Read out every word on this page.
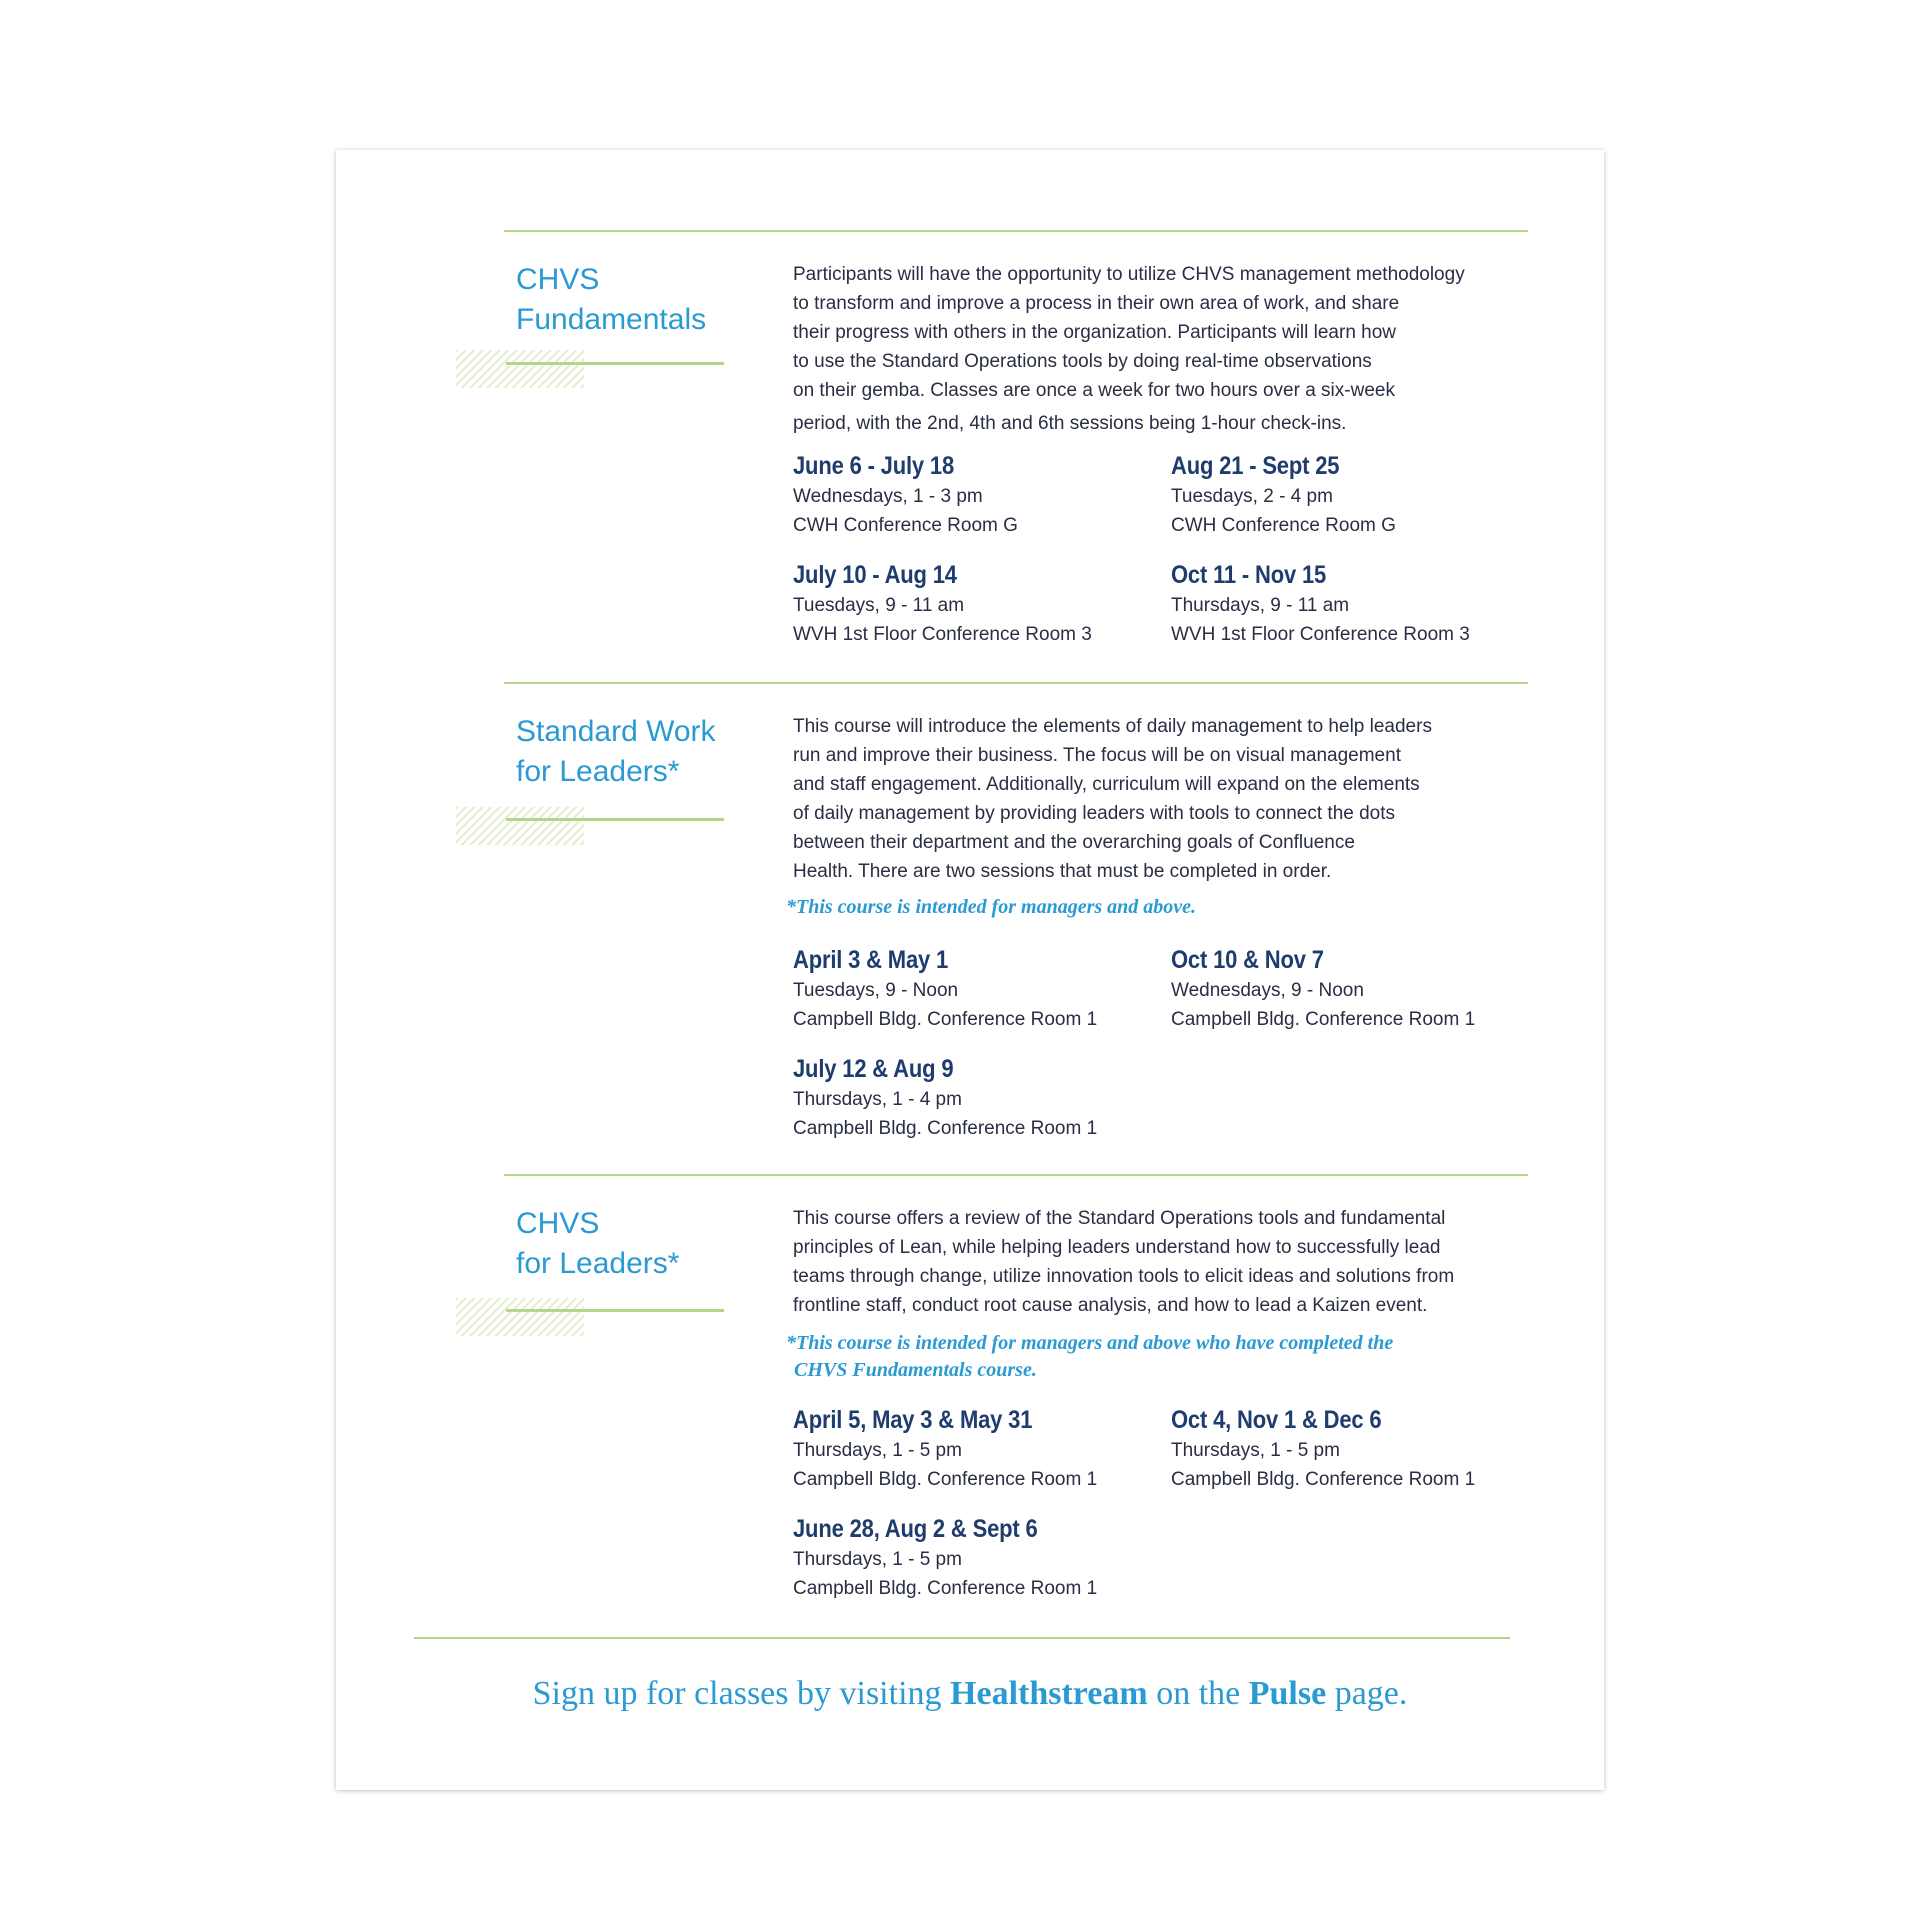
CHVS
Fundamentals

Participants will have the opportunity to utilize CHVS management methodology
to transform and improve a process in their own area of work, and share
their progress with others in the organization. Participants will learn how
to use the Standard Operations tools by doing real-time observations
on their gemba. Classes are once a week for two hours over a six-week
period, with the 2nd, 4th and 6th sessions being 1-hour check-ins.

June 6 - July 18
Wednesdays, 1 - 3 pm
CWH Conference Room G
Aug 21 - Sept 25
Tuesdays, 2 - 4 pm
CWH Conference Room G
July 10 - Aug 14
Tuesdays, 9 - 11 am
WVH 1st Floor Conference Room 3
Oct 11 - Nov 15
Thursdays, 9 - 11 am
WVH 1st Floor Conference Room 3
Standard Work
for Leaders*

This course will introduce the elements of daily management to help leaders
run and improve their business. The focus will be on visual management
and staff engagement. Additionally, curriculum will expand on the elements
of daily management by providing leaders with tools to connect the dots
between their department and the overarching goals of Confluence
Health. There are two sessions that must be completed in order.

*This course is intended for managers and above.

April 3 & May 1
Tuesdays, 9 - Noon
Campbell Bldg. Conference Room 1
Oct 10 & Nov 7
Wednesdays, 9 - Noon
Campbell Bldg. Conference Room 1
July 12 & Aug 9
Thursdays, 1 - 4 pm
Campbell Bldg. Conference Room 1
CHVS
for Leaders*

This course offers a review of the Standard Operations tools and fundamental
principles of Lean, while helping leaders understand how to successfully lead
teams through change, utilize innovation tools to elicit ideas and solutions from
frontline staff, conduct root cause analysis, and how to lead a Kaizen event.

*This course is intended for managers and above who have completed the
CHVS Fundamentals course.

April 5, May 3 & May 31
Thursdays, 1 - 5 pm
Campbell Bldg. Conference Room 1
Oct 4, Nov 1 & Dec 6
Thursdays, 1 - 5 pm
Campbell Bldg. Conference Room 1
June 28, Aug 2 & Sept 6
Thursdays, 1 - 5 pm
Campbell Bldg. Conference Room 1
Sign up for classes by visiting Healthstream on the Pulse page.
